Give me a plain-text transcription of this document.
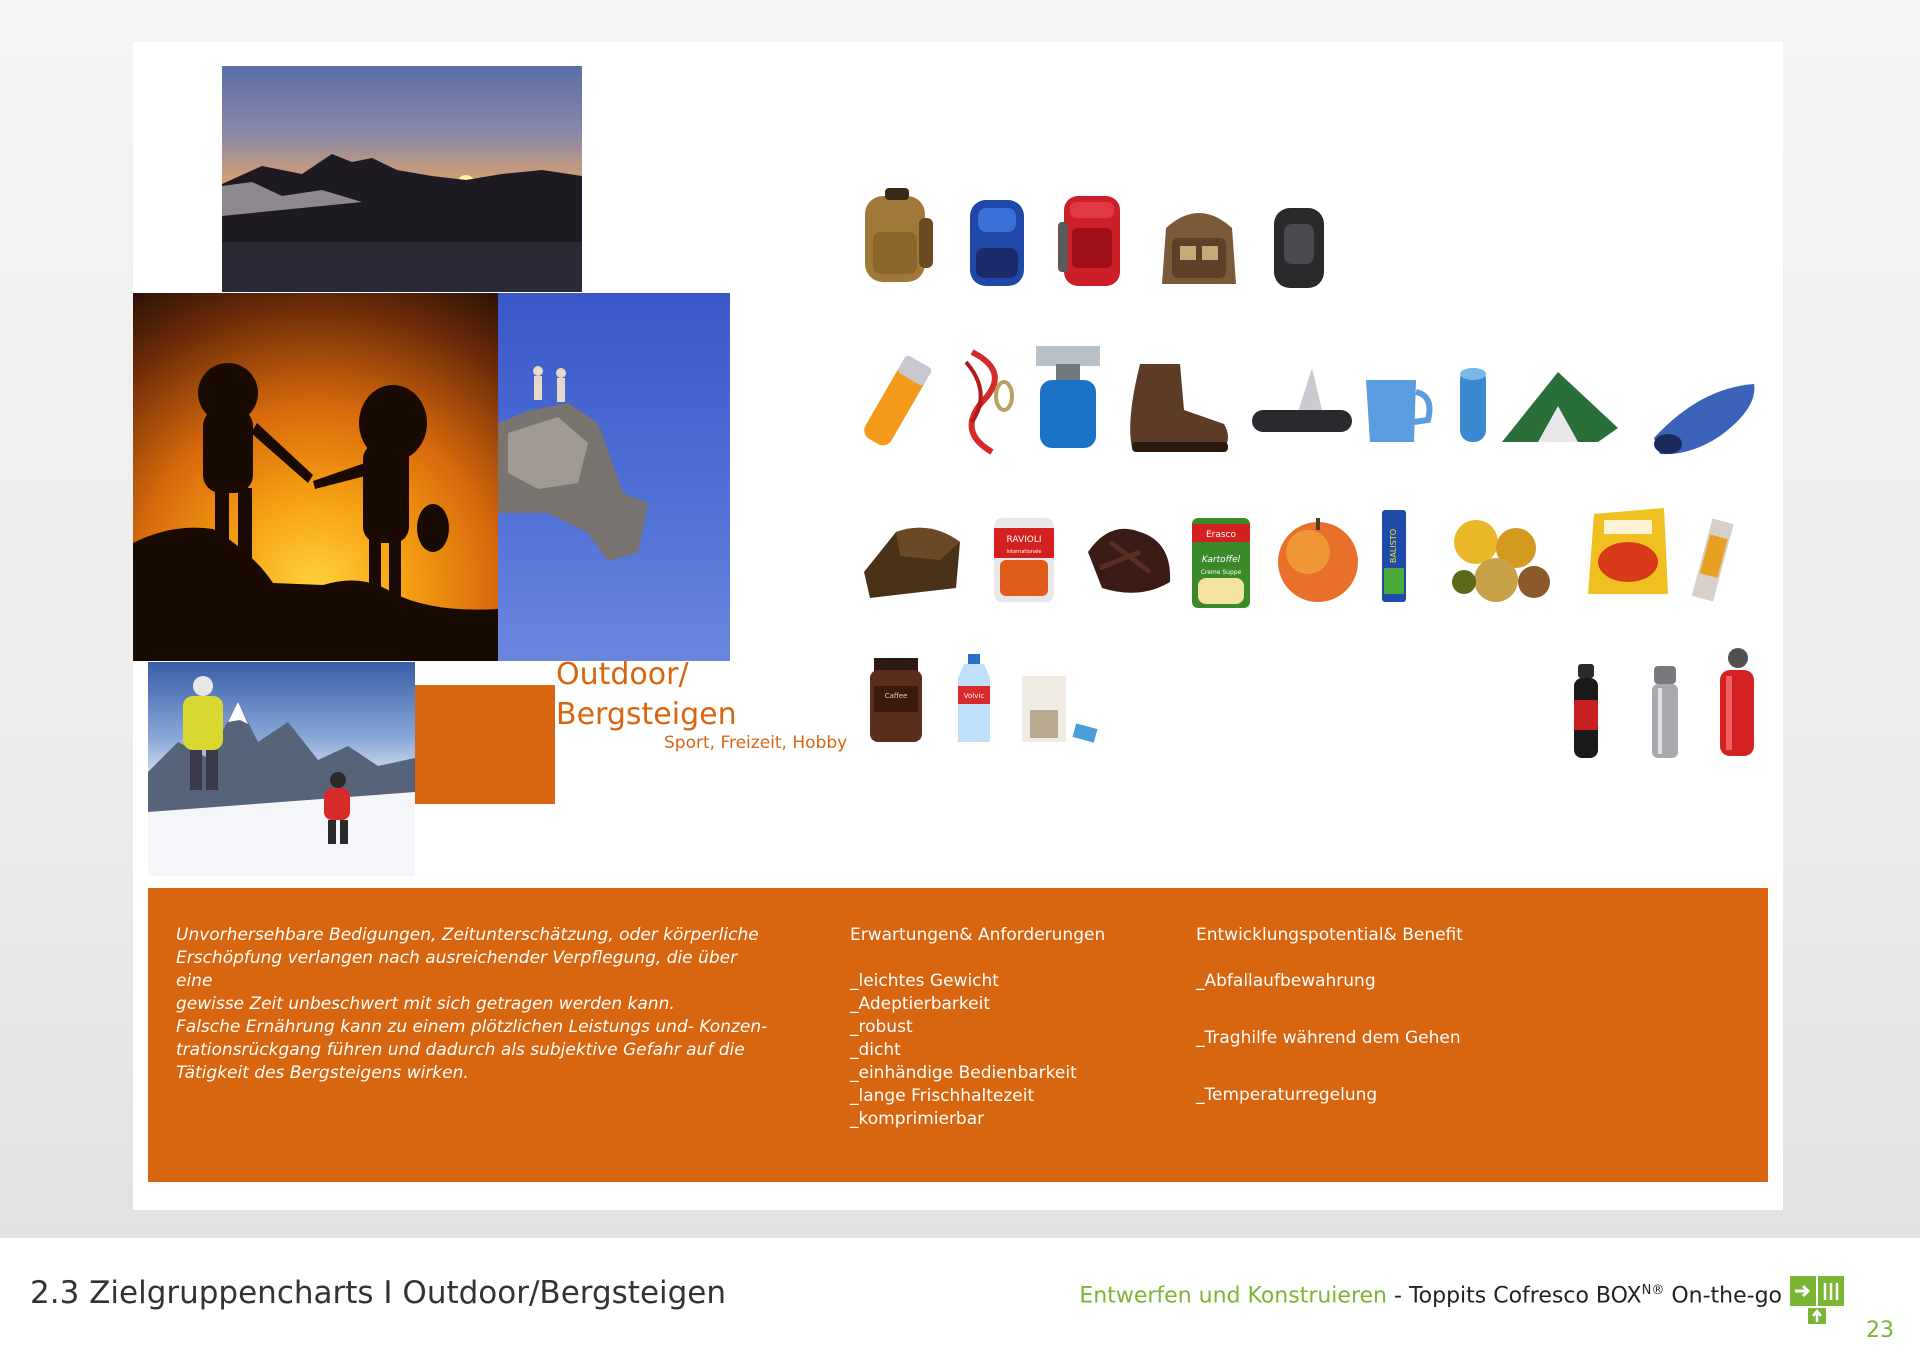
Outdoor/
Bergsteigen

Sport, Freizeit, Hobby

RAVIOLI
Internationale
Erasco
Kartoffel
Creme Suppe
BALISTO
Caffee	Volvic

Unvorhersehbare Bedigungen, Zeitunterschätzung, oder körperliche
Erschöpfung verlangen nach ausreichender Verpflegung, die über eine
gewisse Zeit unbeschwert mit sich getragen werden kann.

Falsche Ernährung kann zu einem plötzlichen Leistungs und- Konzen-
trationsrückgang führen und dadurch als subjektive Gefahr auf die
Tätigkeit des Bergsteigens wirken.

Erwartungen& Anforderungen

_leichtes Gewicht
_Adeptierbarkeit
_robust
_dicht
_einhändige Bedienbarkeit
_lange Frischhaltezeit
_komprimierbar

Entwicklungspotential& Benefit

_Abfallaufbewahrung

_Traghilfe während dem Gehen

_Temperaturregelung

2.3 Zielgruppencharts I Outdoor/Bergsteigen	Entwerfen und Konstruieren - Toppits Cofresco $BOX^{N®}$ On-the-go

23
